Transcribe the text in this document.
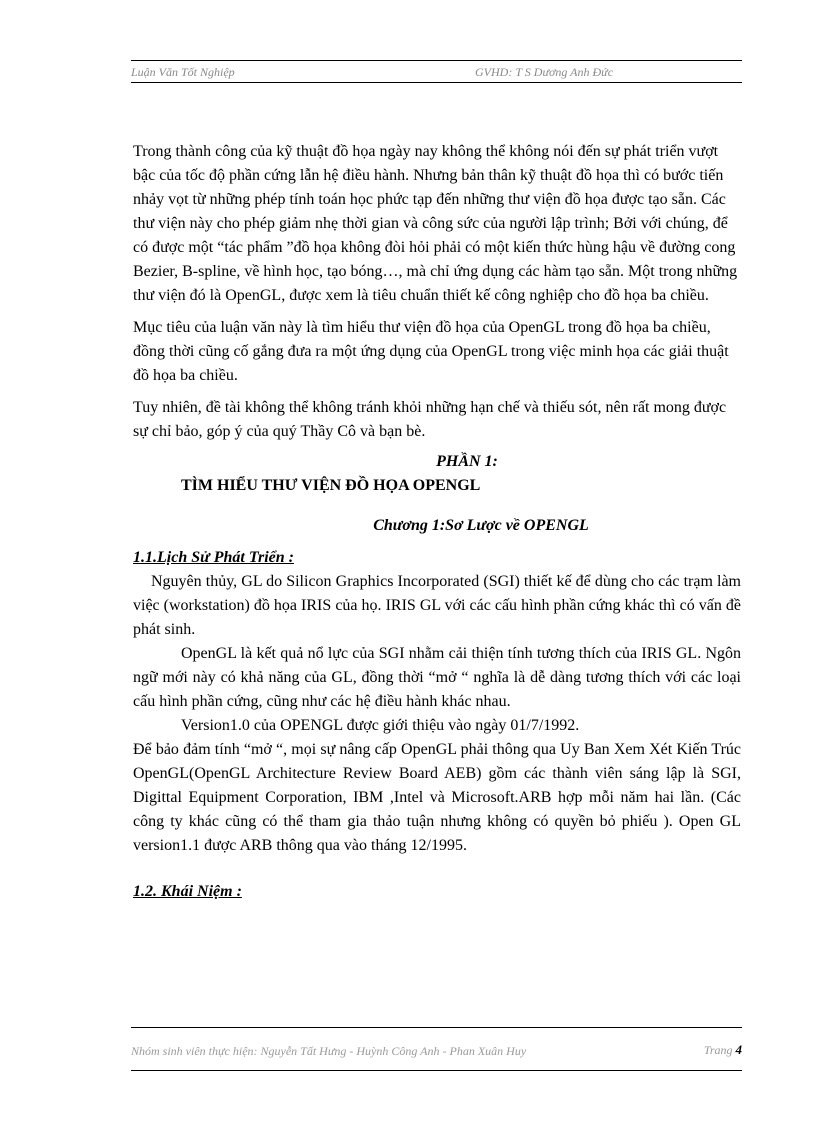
Luận Văn Tốt Nghiệp	GVHD: T S Dương Anh Đức

Trong thành công của kỹ thuật đồ họa ngày nay không thể không nói đến sự phát triển vượt bậc của tốc độ phần cứng lẫn hệ điều hành. Nhưng bản thân kỹ thuật đồ họa thì có bước tiến nhảy vọt từ những phép tính toán học phức tạp đến những thư viện đồ họa được tạo sẵn. Các thư viện này cho phép giảm nhẹ thời gian và công sức của người lập trình; Bởi với chúng, để có được một “tác phẩm ”đồ họa không đòi hỏi phải có một kiến thức hùng hậu về đường cong Bezier, B-spline, về hình học, tạo bóng…, mà chỉ ứng dụng các hàm tạo sẵn. Một trong những thư viện đó là OpenGL, được xem là tiêu chuẩn thiết kế công nghiệp cho đồ họa ba chiều.

Mục tiêu của luận văn này là tìm hiểu thư viện đồ họa của OpenGL trong đồ họa ba chiều, đồng thời cũng cố gắng đưa ra một ứng dụng của OpenGL trong việc minh họa các giải thuật đồ họa ba chiều.

Tuy nhiên, đề tài không thể không tránh khỏi những hạn chế và thiếu sót, nên rất mong được sự chỉ bảo, góp ý của quý Thầy Cô và bạn bè.

PHẦN 1:

TÌM HIỂU THƯ VIỆN ĐỒ HỌA OPENGL

Chương 1:Sơ Lược về OPENGL

1.1.Lịch Sử Phát Triển :

Nguyên thủy, GL do Silicon Graphics Incorporated (SGI) thiết kế để dùng cho các trạm làm việc (workstation) đồ họa IRIS của họ. IRIS GL với các cấu hình phần cứng khác thì có vấn đề phát sinh.

OpenGL là kết quả nổ lực của SGI nhằm cải thiện tính tương thích của IRIS GL. Ngôn ngữ mới này có khả năng của GL, đồng thời “mở “ nghĩa là dễ dàng tương thích với các loại cấu hình phần cứng, cũng như các hệ điều hành khác nhau.

Version1.0 của OPENGL được giới thiệu vào ngày 01/7/1992.

Để bảo đảm tính “mở “, mọi sự nâng cấp OpenGL phải thông qua Uy Ban Xem Xét Kiến Trúc OpenGL(OpenGL Architecture Review Board AEB) gồm các thành viên sáng lập là SGI, Digittal Equipment Corporation, IBM ,Intel và Microsoft.ARB hợp mỗi năm hai lần. (Các công ty khác cũng có thể tham gia thảo tuận nhưng không có quyền bỏ phiếu ). Open GL version1.1 được ARB thông qua vào tháng 12/1995.

1.2. Khái Niệm :

Nhóm sinh viên thực hiện: Nguyễn Tất Hưng - Huỳnh Công Anh - Phan Xuân Huy	Trang 4
